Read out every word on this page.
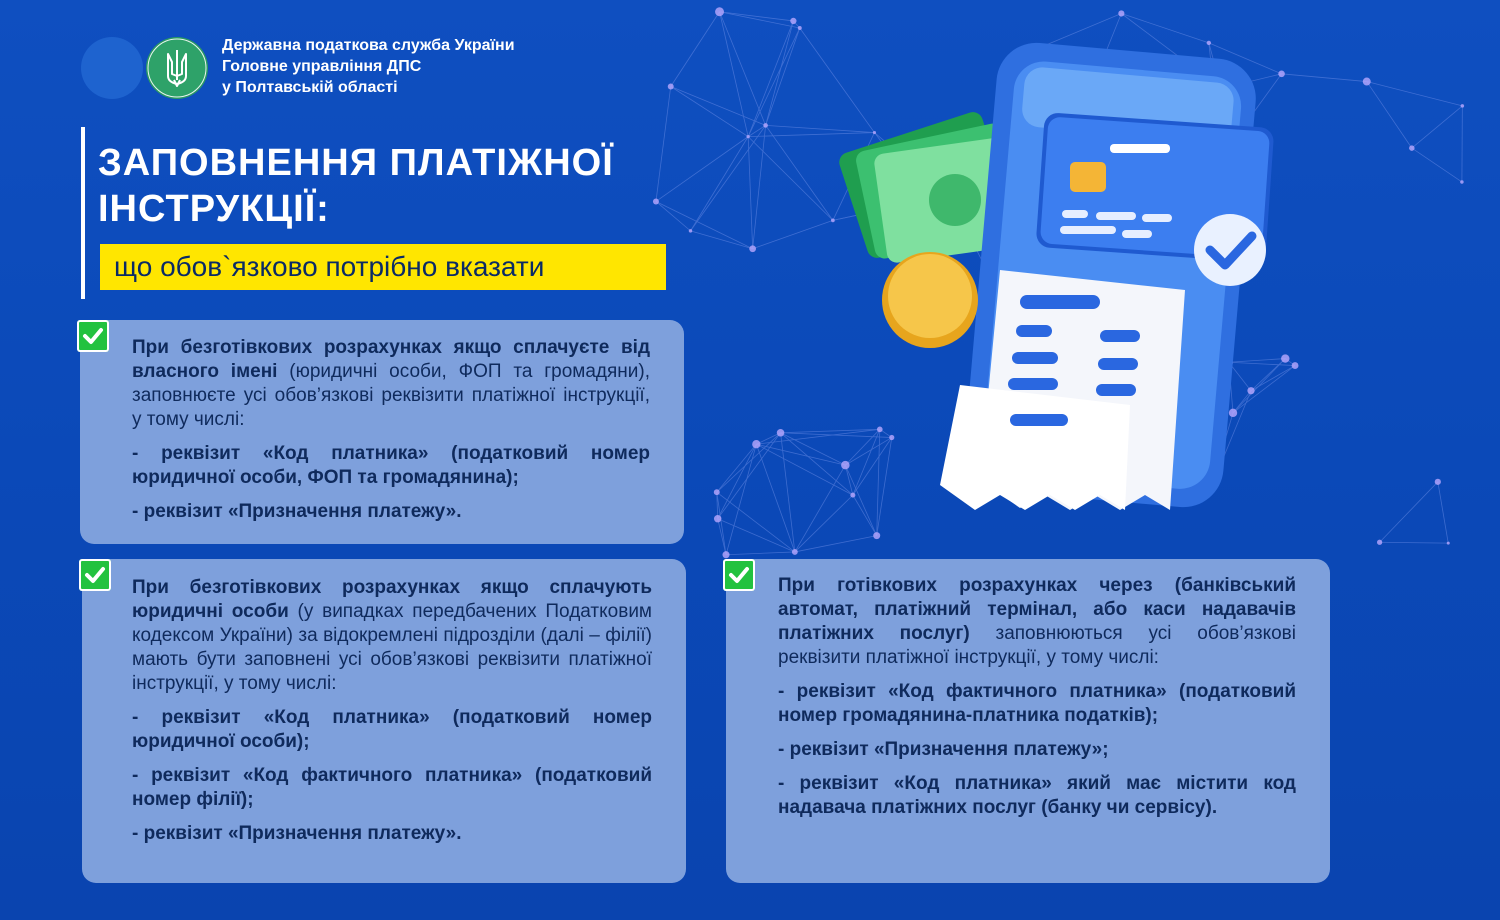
Державна податкова служба України
Головне управління ДПС
у Полтавській області
ЗАПОВНЕННЯ ПЛАТІЖНОЇ
ІНСТРУКЦІЇ:
що обов`язково потрібно вказати

При безготівкових розрахунках якщо сплачуєте від власного імені (юридичні особи, ФОП та громадяни), заповнюєте усі обов’язкові реквізити платіжної інструкції, у тому числі:

- реквізит «Код платника» (податковий номер юридичної особи, ФОП та громадянина);

- реквізит «Призначення платежу».

При безготівкових розрахунках якщо сплачують юридичні особи (у випадках передбачених Податковим кодексом України) за відокремлені підрозділи (далі – філії) мають бути заповнені усі обов’язкові реквізити платіжної інструкції, у тому числі:

- реквізит «Код платника» (податковий номер юридичної особи);

- реквізит «Код фактичного платника» (податковий номер філії);

- реквізит «Призначення платежу».

При готівкових розрахунках через (банківський автомат, платіжний термінал, або каси надавачів платіжних послуг) заповнюються усі обов’язкові реквізити платіжної інструкції, у тому числі:

- реквізит «Код фактичного платника» (податковий номер громадянина-платника податків);

- реквізит «Призначення платежу»;

- реквізит «Код платника» який має містити код надавача платіжних послуг (банку чи сервісу).
